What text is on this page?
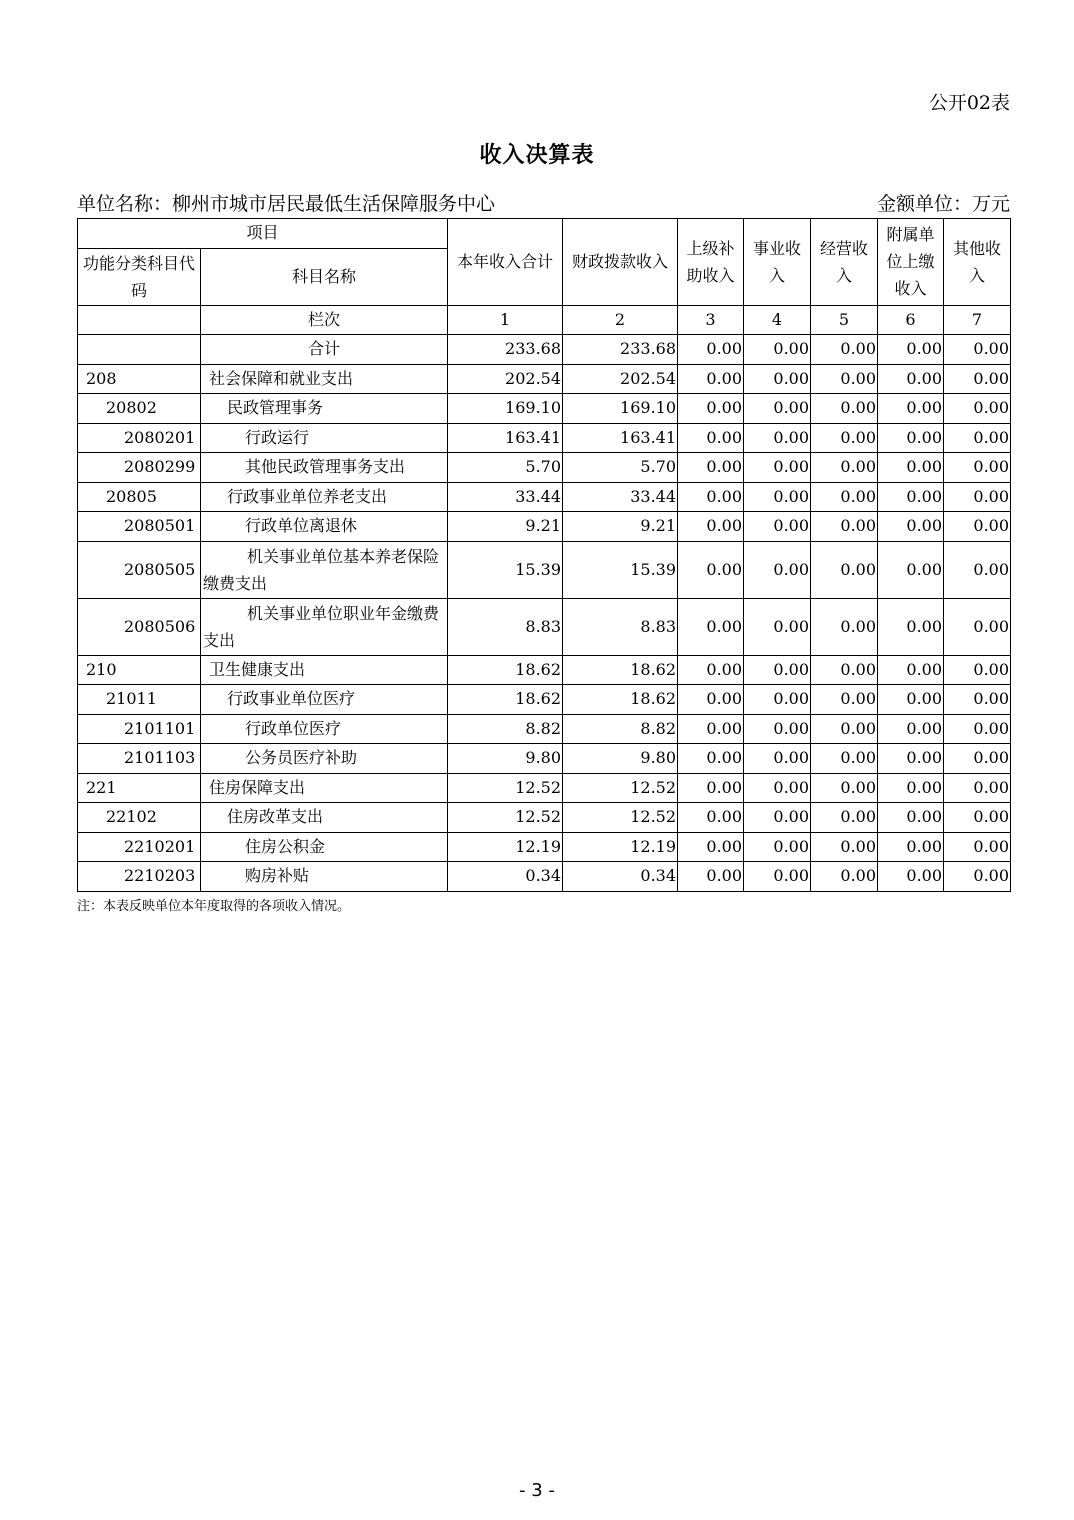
公开02表
收入决算表
单位名称：柳州市城市居民最低生活保障服务中心	金额单位：万元
项目		本年收入合计	财政拨款收入	上级补助收入	事业收入	经营收入	附属单位上缴收入	其他收入
功能分类科目代码	科目名称							
	栏次	1	2	3	4	5	6	7
	合计	233.68	233.68	0.00	0.00	0.00	0.00	0.00
208	社会保障和就业支出	202.54	202.54	0.00	0.00	0.00	0.00	0.00
20802	民政管理事务	169.10	169.10	0.00	0.00	0.00	0.00	0.00
2080201	行政运行	163.41	163.41	0.00	0.00	0.00	0.00	0.00
2080299	其他民政管理事务支出	5.70	5.70	0.00	0.00	0.00	0.00	0.00
20805	行政事业单位养老支出	33.44	33.44	0.00	0.00	0.00	0.00	0.00
2080501	行政单位离退休	9.21	9.21	0.00	0.00	0.00	0.00	0.00
2080505	机关事业单位基本养老保险缴费支出	15.39	15.39	0.00	0.00	0.00	0.00	0.00
2080506	机关事业单位职业年金缴费支出	8.83	8.83	0.00	0.00	0.00	0.00	0.00
210	卫生健康支出	18.62	18.62	0.00	0.00	0.00	0.00	0.00
21011	行政事业单位医疗	18.62	18.62	0.00	0.00	0.00	0.00	0.00
2101101	行政单位医疗	8.82	8.82	0.00	0.00	0.00	0.00	0.00
2101103	公务员医疗补助	9.80	9.80	0.00	0.00	0.00	0.00	0.00
221	住房保障支出	12.52	12.52	0.00	0.00	0.00	0.00	0.00
22102	住房改革支出	12.52	12.52	0.00	0.00	0.00	0.00	0.00
2210201	住房公积金	12.19	12.19	0.00	0.00	0.00	0.00	0.00
2210203	购房补贴	0.34	0.34	0.00	0.00	0.00	0.00	0.00
注：本表反映单位本年度取得的各项收入情况。
- 3 -
